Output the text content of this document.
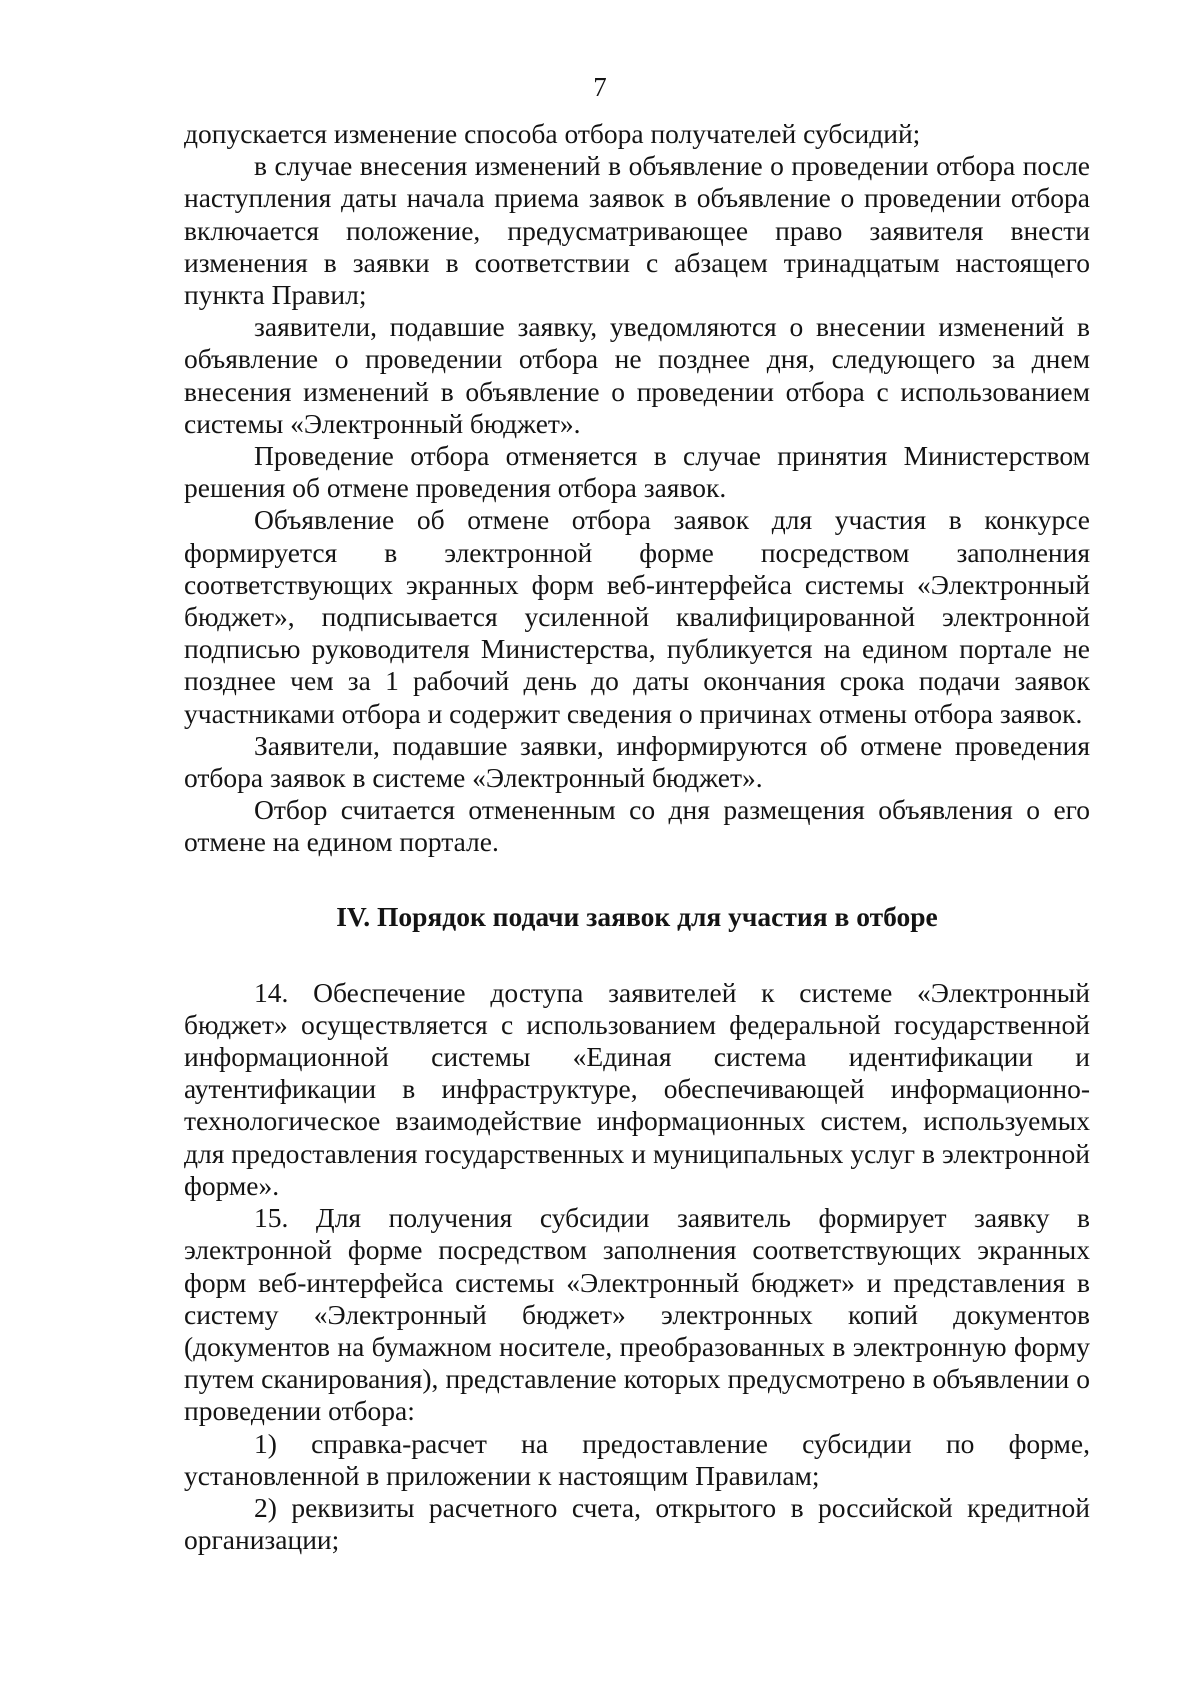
7

допускается изменение способа отбора получателей субсидий;

в случае внесения изменений в объявление о проведении отбора после наступления даты начала приема заявок в объявление о проведении отбора включается положение, предусматривающее право заявителя внести изменения в заявки в соответствии с абзацем тринадцатым настоящего пункта Правил;

заявители, подавшие заявку, уведомляются о внесении изменений в объявление о проведении отбора не позднее дня, следующего за днем внесения изменений в объявление о проведении отбора с использованием системы «Электронный бюджет».

Проведение отбора отменяется в случае принятия Министерством решения об отмене проведения отбора заявок.

Объявление об отмене отбора заявок для участия в конкурсе формируется в электронной форме посредством заполнения соответствующих экранных форм веб-интерфейса системы «Электронный бюджет», подписывается усиленной квалифицированной электронной подписью руководителя Министерства, публикуется на едином портале не позднее чем за 1 рабочий день до даты окончания срока подачи заявок участниками отбора и содержит сведения о причинах отмены отбора заявок.

Заявители, подавшие заявки, информируются об отмене проведения отбора заявок в системе «Электронный бюджет».

Отбор считается отмененным со дня размещения объявления о его отмене на едином портале.

IV. Порядок подачи заявок для участия в отборе

14. Обеспечение доступа заявителей к системе «Электронный бюджет» осуществляется с использованием федеральной государственной информационной системы «Единая система идентификации и аутентификации в инфраструктуре, обеспечивающей информационно-технологическое взаимодействие информационных систем, используемых для предоставления государственных и муниципальных услуг в электронной форме».

15. Для получения субсидии заявитель формирует заявку в электронной форме посредством заполнения соответствующих экранных форм веб-интерфейса системы «Электронный бюджет» и представления в систему «Электронный бюджет» электронных копий документов (документов на бумажном носителе, преобразованных в электронную форму путем сканирования), представление которых предусмотрено в объявлении о проведении отбора:

1) справка-расчет на предоставление субсидии по форме, установленной в приложении к настоящим Правилам;

2) реквизиты расчетного счета, открытого в российской кредитной организации;
